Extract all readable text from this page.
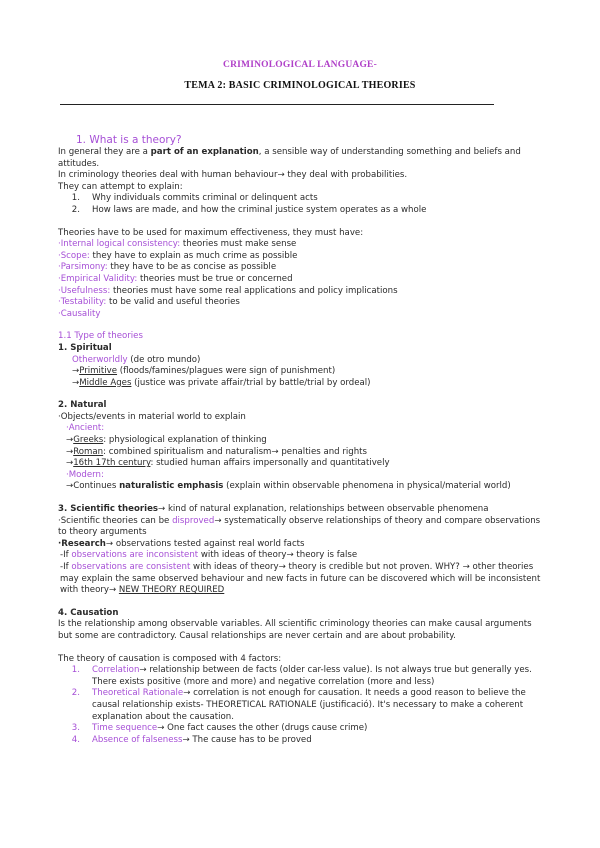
CRIMINOLOGICAL LANGUAGE-
TEMA 2: BASIC CRIMINOLOGICAL THEORIES
1. What is a theory?

In general they are a part of an explanation, a sensible way of understanding something and beliefs and attitudes.

In criminology theories deal with human behaviour→ they deal with probabilities.

They can attempt to explain:

1.	Why individuals commits criminal or delinquent acts
2.	How laws are made, and how the criminal justice system operates as a whole

Theories have to be used for maximum effectiveness, they must have:

·Internal logical consistency: theories must make sense

·Scope: they have to explain as much crime as possible

·Parsimony: they have to be as concise as possible

·Empirical Validity: theories must be true or concerned

·Usefulness: theories must have some real applications and policy implications

·Testability: to be valid and useful theories

·Causality

1.1 Type of theories

1. Spiritual

Otherworldly (de otro mundo)

→Primitive (floods/famines/plagues were sign of punishment)

→Middle Ages (justice was private affair/trial by battle/trial by ordeal)

2. Natural

·Objects/events in material world to explain

·Ancient:

→Greeks: physiological explanation of thinking

→Roman: combined spiritualism and naturalism→ penalties and rights

→16th 17th century: studied human affairs impersonally and quantitatively

·Modern:

→Continues naturalistic emphasis (explain within observable phenomena in physical/material world)

3. Scientific theories→ kind of natural explanation, relationships between observable phenomena

·Scientific theories can be disproved→ systematically observe relationships of theory and compare observations to theory arguments

·Research→ observations tested against real world facts

-If observations are inconsistent with ideas of theory→ theory is false

-If observations are consistent with ideas of theory→ theory is credible but not proven. WHY? → other theories may explain the same observed behaviour and new facts in future can be discovered which will be inconsistent with theory→ NEW THEORY REQUIRED

4. Causation

Is the relationship among observable variables. All scientific criminology theories can make causal arguments but some are contradictory. Causal relationships are never certain and are about probability.

The theory of causation is composed with 4 factors:

1.	Correlation→ relationship between de facts (older car-less value). Is not always true but generally yes. There exists positive (more and more) and negative correlation (more and less)
2.	Theoretical Rationale→ correlation is not enough for causation. It needs a good reason to believe the causal relationship exists- THEORETICAL RATIONALE (justificació). It's necessary to make a coherent explanation about the causation.
3.	Time sequence→ One fact causes the other (drugs cause crime)
4.	Absence of falseness→ The cause has to be proved
